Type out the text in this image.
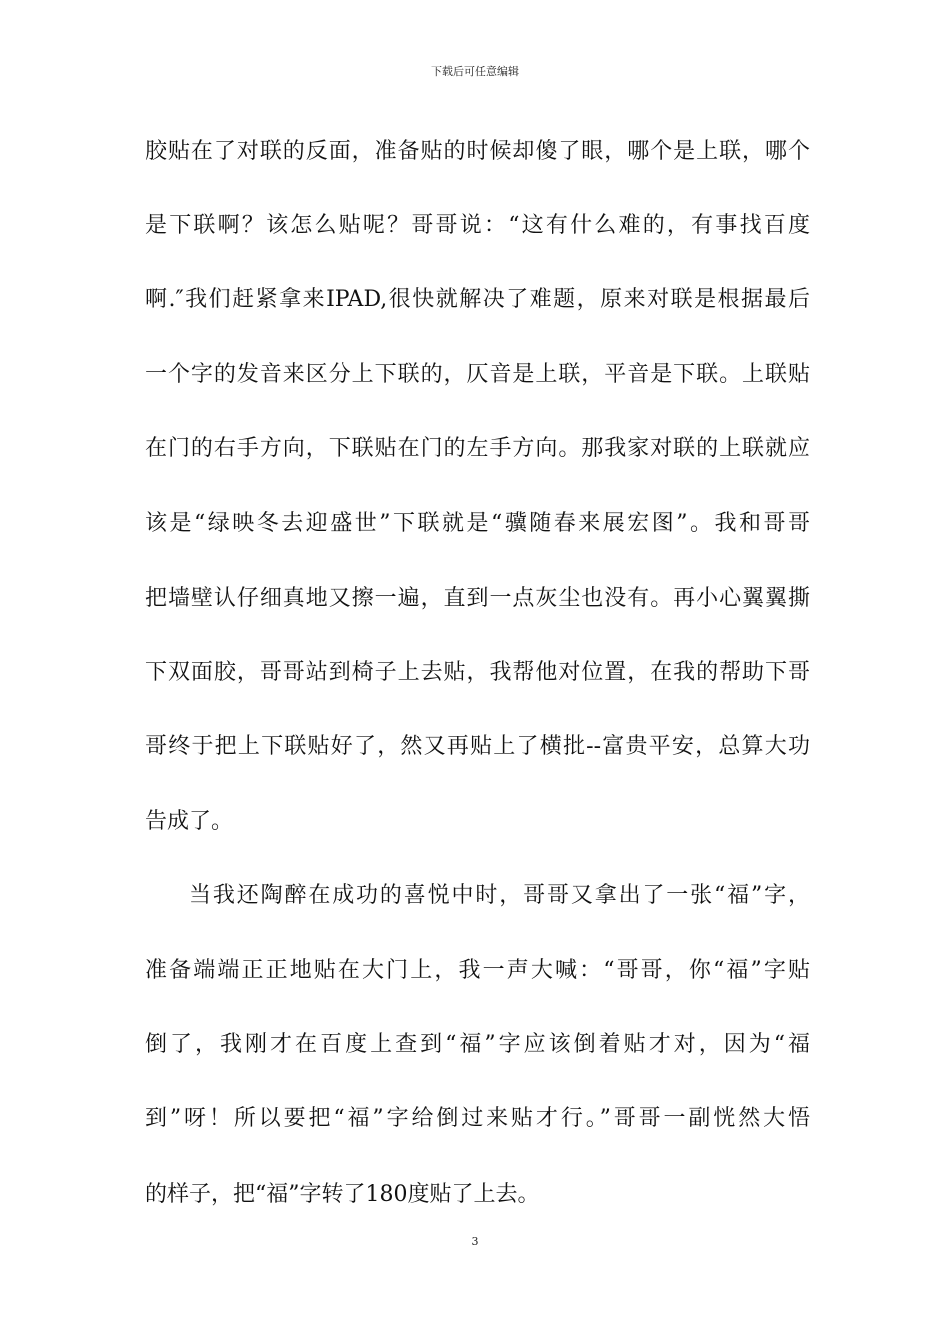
下载后可任意编辑
胶贴在了对联的反面，准备贴的时候却傻了眼，哪个是上联，哪个
是下联啊？该怎么贴呢？哥哥说：“这有什么难的，有事找百度
啊.″我们赶紧拿来IPAD,很快就解决了难题，原来对联是根据最后
一个字的发音来区分上下联的，仄音是上联，平音是下联。上联贴
在门的右手方向，下联贴在门的左手方向。那我家对联的上联就应
该是“绿映冬去迎盛世”下联就是“骥随春来展宏图”。我和哥哥
把墙壁认仔细真地又擦一遍，直到一点灰尘也没有。再小心翼翼撕
下双面胶，哥哥站到椅子上去贴，我帮他对位置，在我的帮助下哥
哥终于把上下联贴好了，然又再贴上了横批--富贵平安，总算大功
告成了。
当我还陶醉在成功的喜悦中时，哥哥又拿出了一张“福”字，
准备端端正正地贴在大门上，我一声大喊：“哥哥，你“福”字贴
倒了，我刚才在百度上查到“福”字应该倒着贴才对，因为“福
到”呀！所以要把“福”字给倒过来贴才行。”哥哥一副恍然大悟
的样子，把“福”字转了180度贴了上去。
3
